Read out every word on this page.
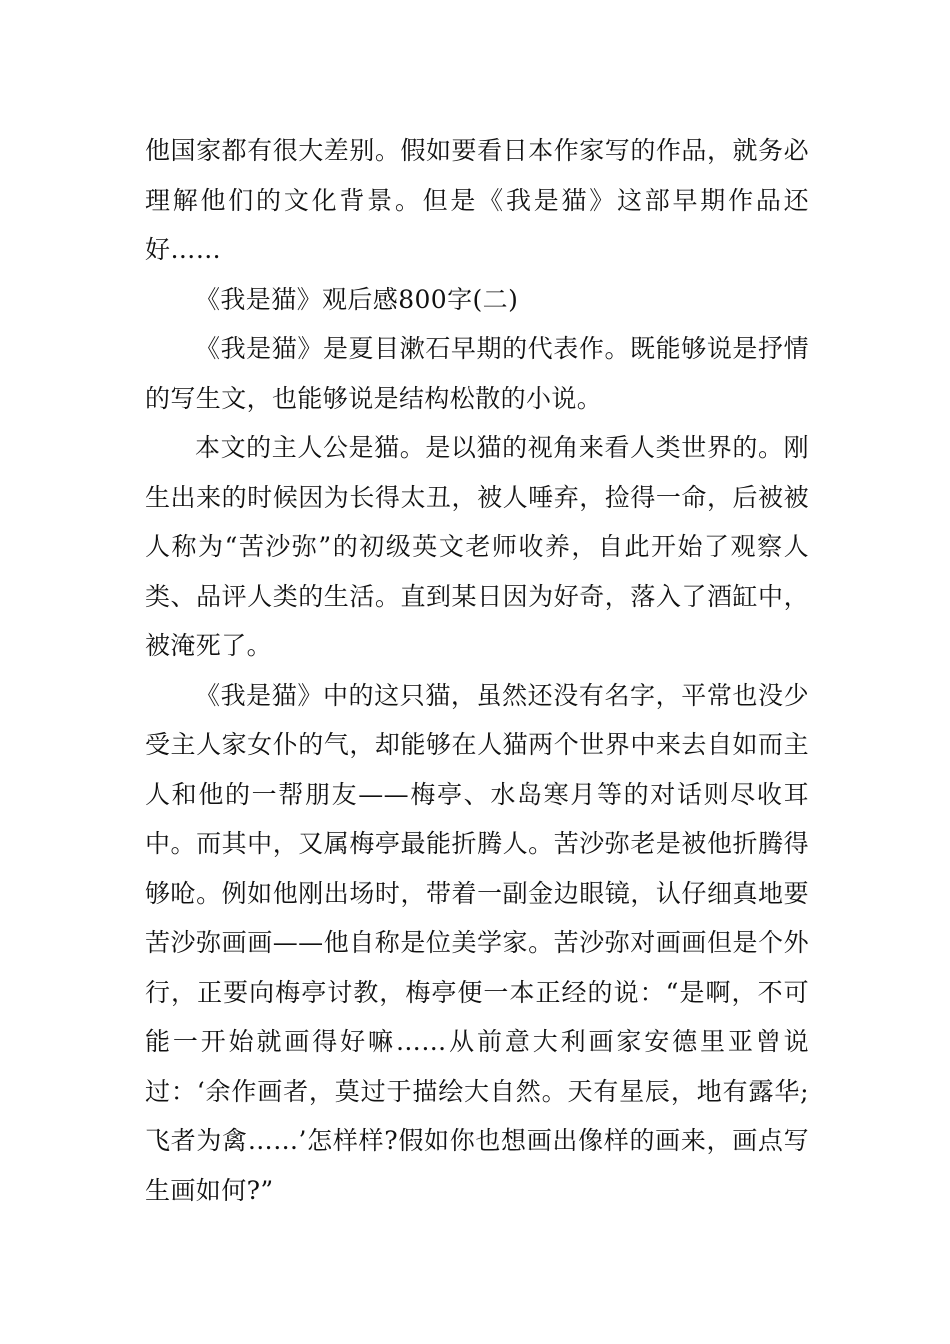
他国家都有很大差别。假如要看日本作家写的作品，就务必理解他们的文化背景。但是《我是猫》这部早期作品还好……

《我是猫》观后感800字(二)

《我是猫》是夏目漱石早期的代表作。既能够说是抒情的写生文，也能够说是结构松散的小说。

本文的主人公是猫。是以猫的视角来看人类世界的。刚生出来的时候因为长得太丑，被人唾弃，捡得一命，后被被人称为“苦沙弥”的初级英文老师收养，自此开始了观察人类、品评人类的生活。直到某日因为好奇，落入了酒缸中，被淹死了。

《我是猫》中的这只猫，虽然还没有名字，平常也没少受主人家女仆的气，却能够在人猫两个世界中来去自如而主人和他的一帮朋友——梅亭、水岛寒月等的对话则尽收耳中。而其中，又属梅亭最能折腾人。苦沙弥老是被他折腾得够呛。例如他刚出场时，带着一副金边眼镜，认仔细真地要苦沙弥画画——他自称是位美学家。苦沙弥对画画但是个外行，正要向梅亭讨教，梅亭便一本正经的说：“是啊，不可能一开始就画得好嘛……从前意大利画家安德里亚曾说过：‘余作画者，莫过于描绘大自然。天有星辰，地有露华;飞者为禽……’怎样样?假如你也想画出像样的画来，画点写生画如何?”
